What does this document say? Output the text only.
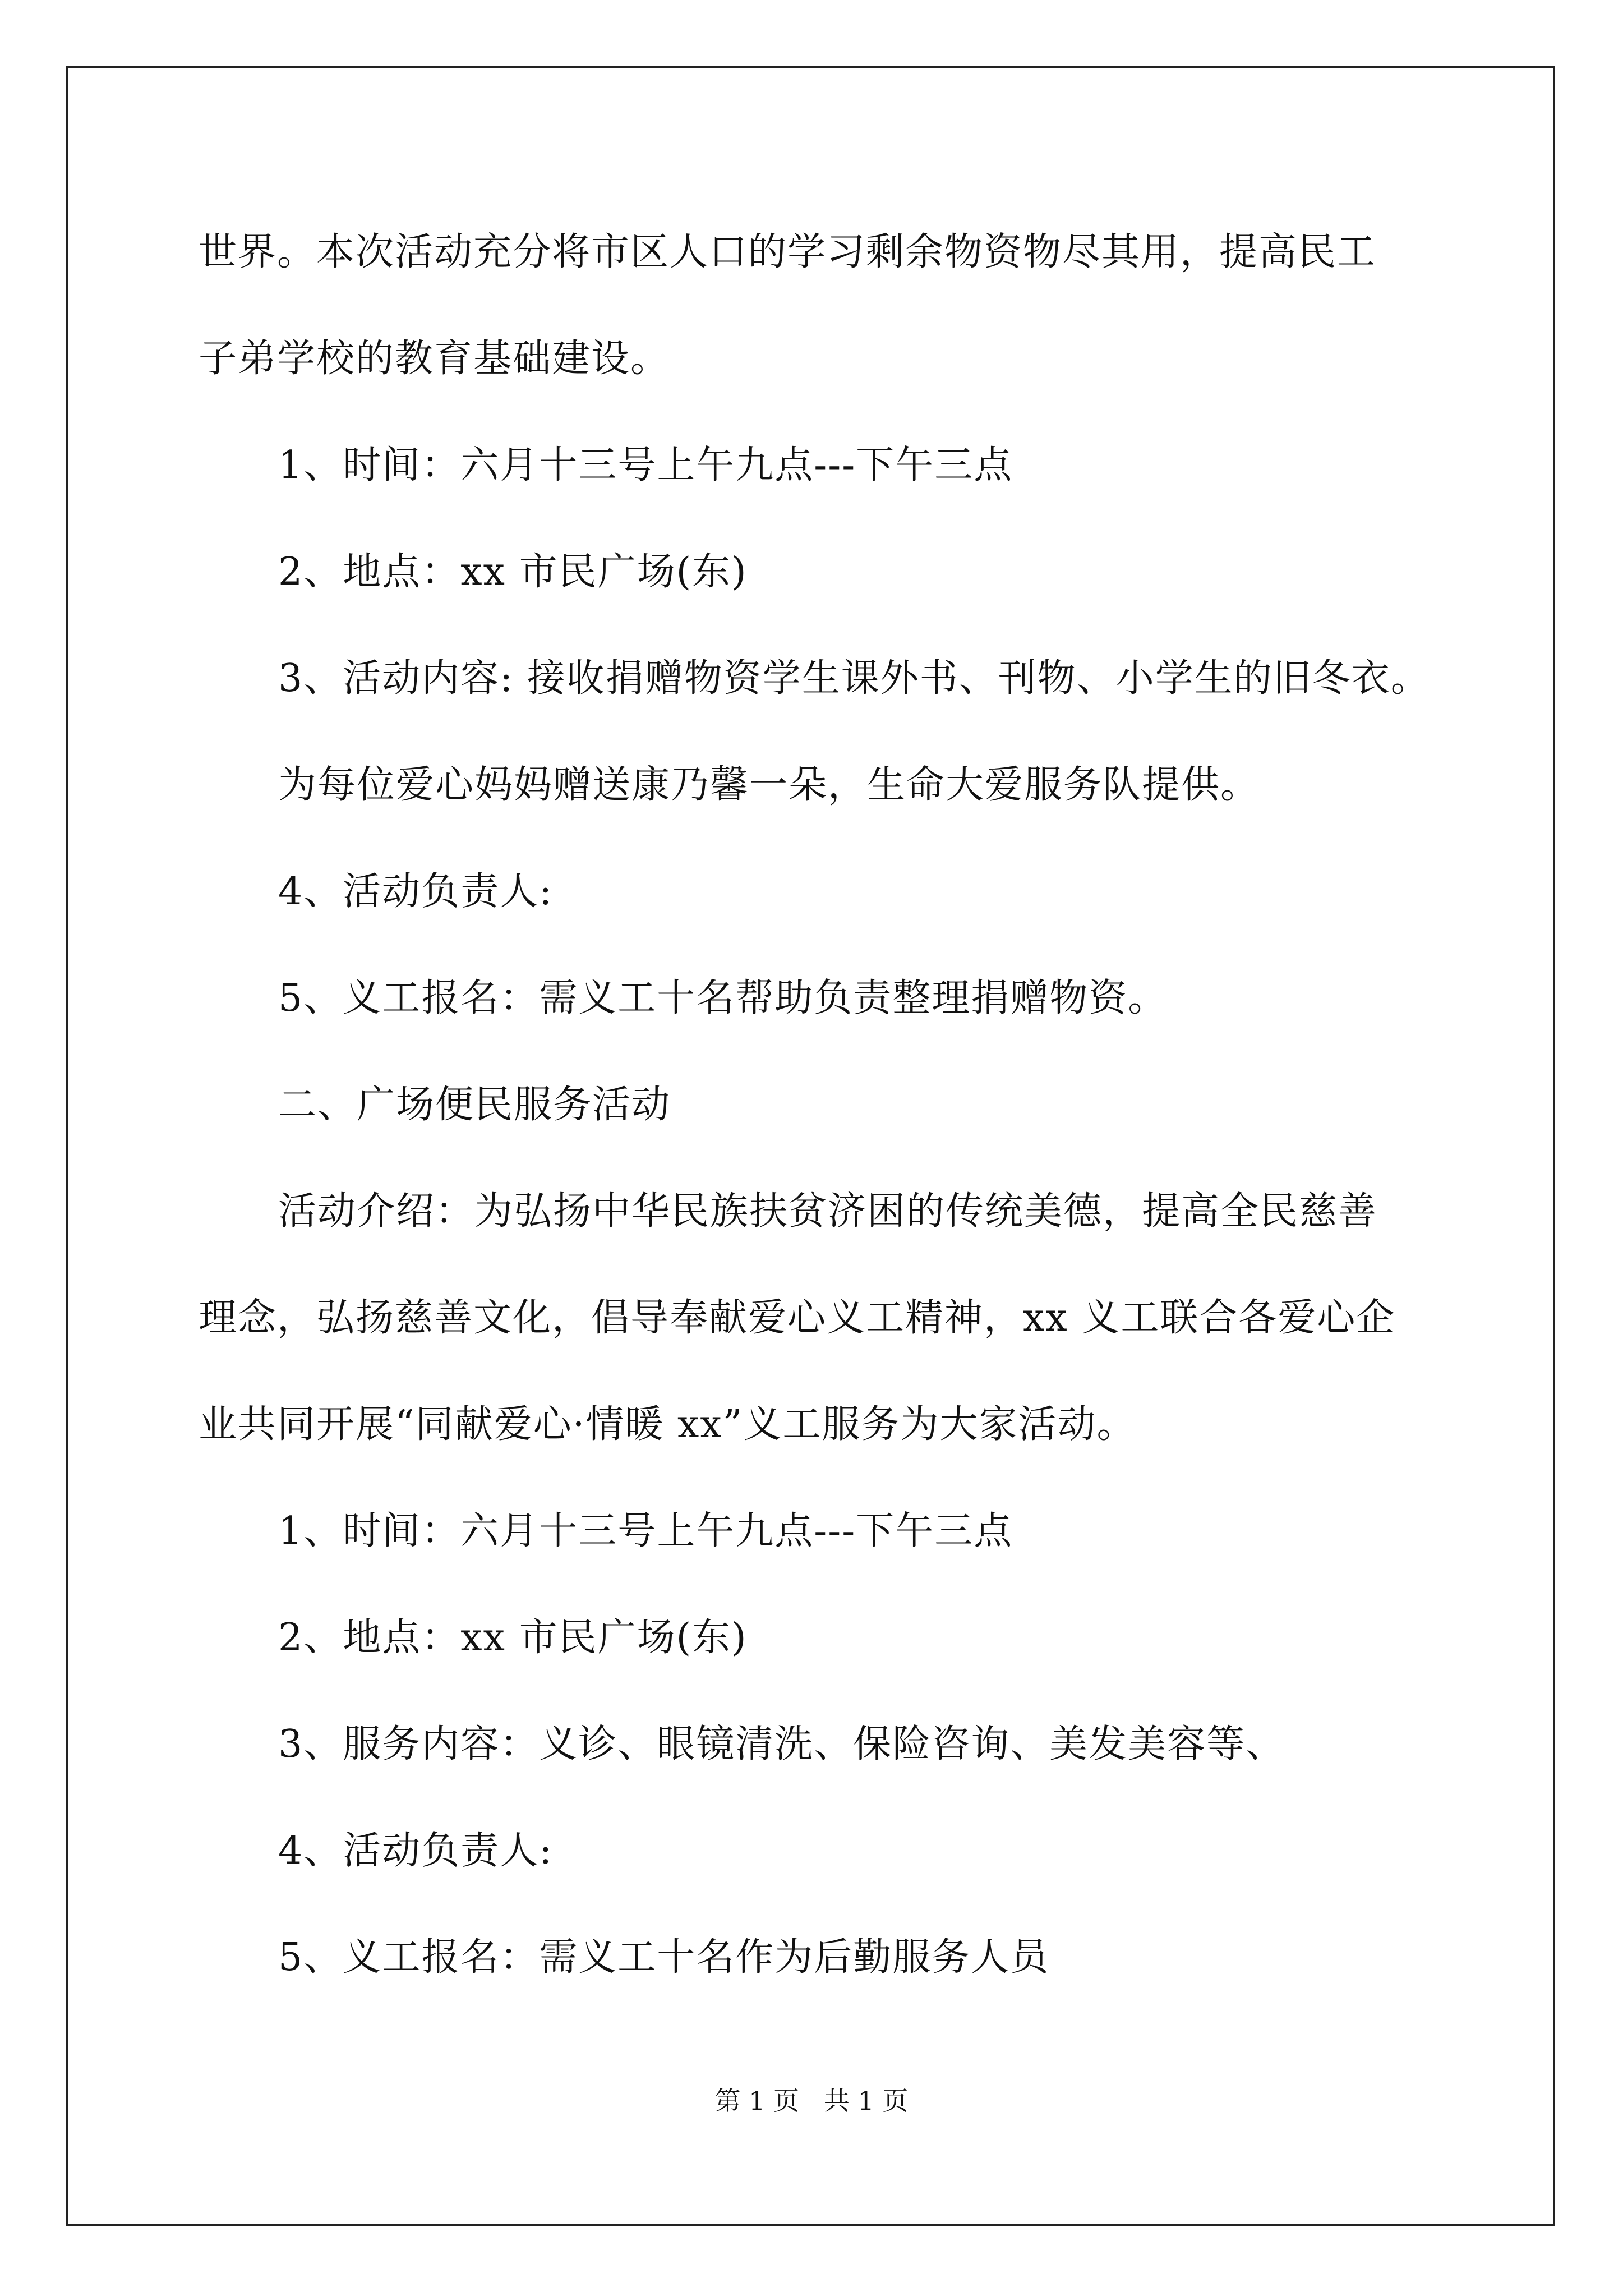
世界。本次活动充分将市区人口的学习剩余物资物尽其用，提高民工
子弟学校的教育基础建设。
1、时间：六月十三号上午九点---下午三点
2、地点：xx 市民广场(东)
3、活动内容: 接收捐赠物资学生课外书、刊物、小学生的旧冬衣。
为每位爱心妈妈赠送康乃馨一朵，生命大爱服务队提供。
4、活动负责人:
5、义工报名：需义工十名帮助负责整理捐赠物资。
二、广场便民服务活动
活动介绍：为弘扬中华民族扶贫济困的传统美德，提高全民慈善
理念，弘扬慈善文化，倡导奉献爱心义工精神，xx 义工联合各爱心企
业共同开展“同献爱心·情暖 xx”义工服务为大家活动。
1、时间：六月十三号上午九点---下午三点
2、地点：xx 市民广场(东)
3、服务内容：义诊、眼镜清洗、保险咨询、美发美容等、
4、活动负责人:
5、义工报名：需义工十名作为后勤服务人员
第 1 页   共 1 页
